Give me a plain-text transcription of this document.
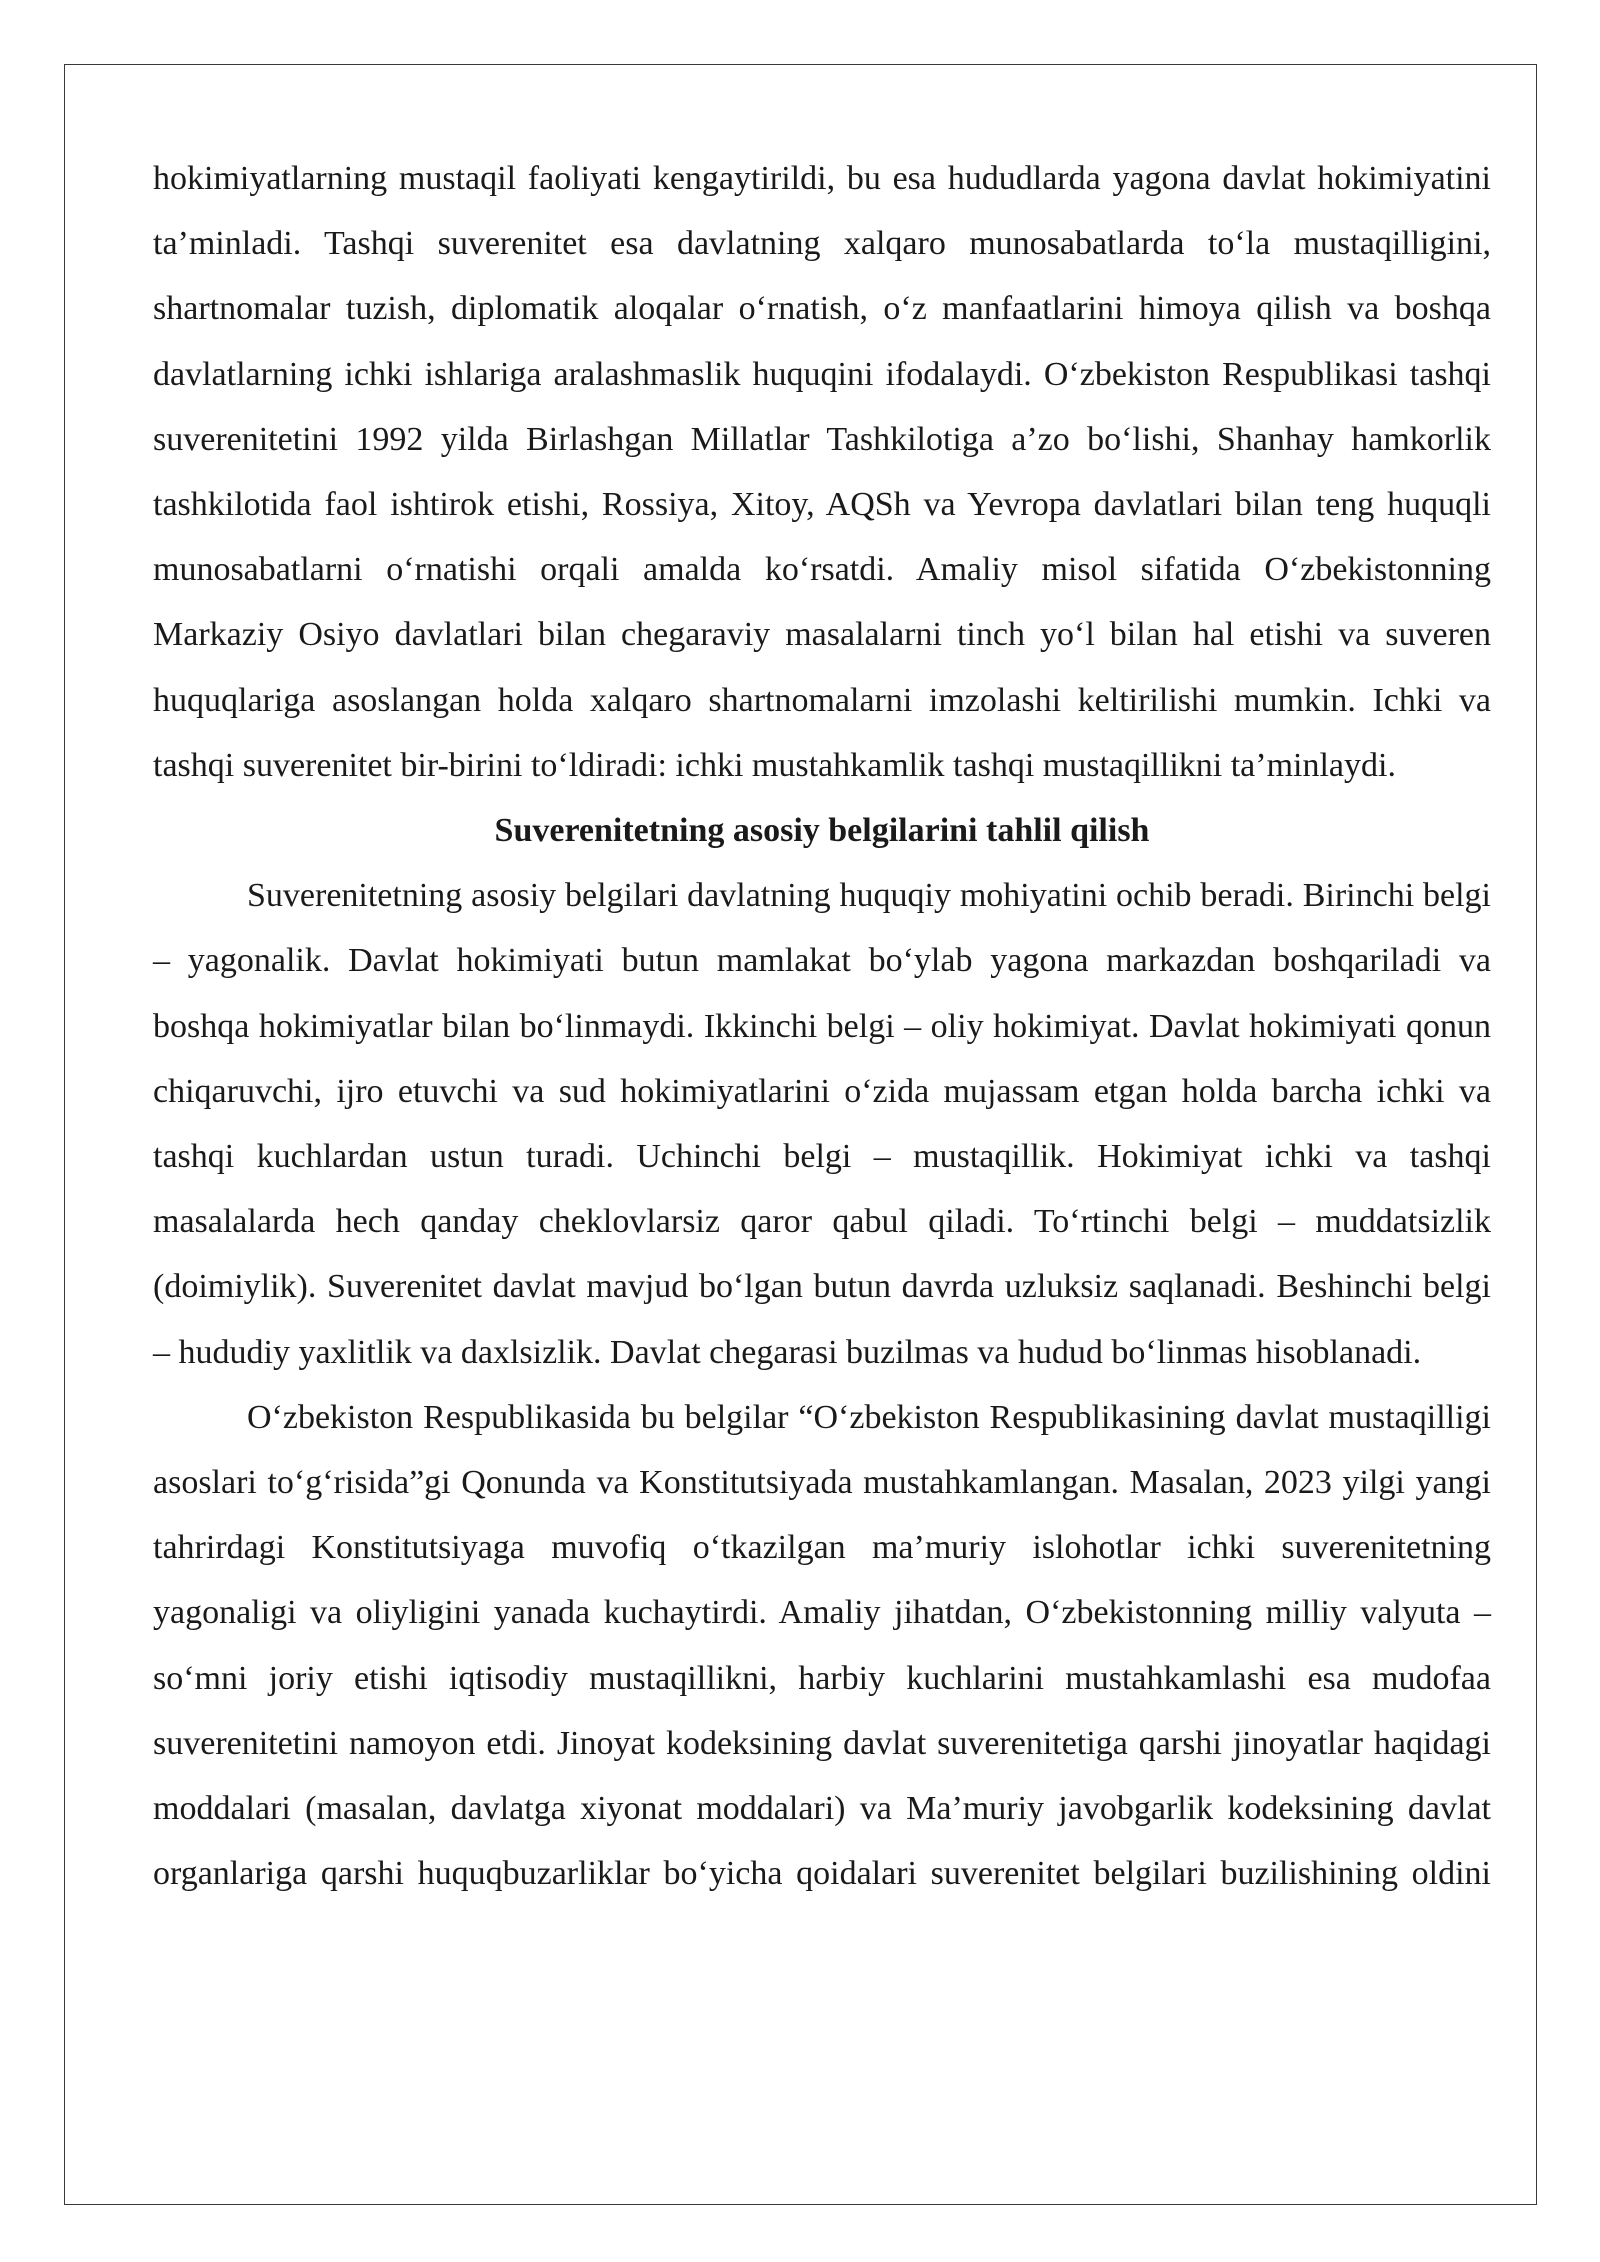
hokimiyatlarning mustaqil faoliyati kengaytirildi, bu esa hududlarda yagona davlat hokimiyatini ta’minladi. Tashqi suverenitet esa davlatning xalqaro munosabatlarda to‘la mustaqilligini, shartnomalar tuzish, diplomatik aloqalar o‘rnatish, o‘z manfaatlarini himoya qilish va boshqa davlatlarning ichki ishlariga aralashmaslik huquqini ifodalaydi. O‘zbekiston Respublikasi tashqi suverenitetini 1992 yilda Birlashgan Millatlar Tashkilotiga a’zo bo‘lishi, Shanhay hamkorlik tashkilotida faol ishtirok etishi, Rossiya, Xitoy, AQSh va Yevropa davlatlari bilan teng huquqli munosabatlarni o‘rnatishi orqali amalda ko‘rsatdi. Amaliy misol sifatida O‘zbekistonning Markaziy Osiyo davlatlari bilan chegaraviy masalalarni tinch yo‘l bilan hal etishi va suveren huquqlariga asoslangan holda xalqaro shartnomalarni imzolashi keltirilishi mumkin. Ichki va tashqi suverenitet bir-birini to‘ldiradi: ichki mustahkamlik tashqi mustaqillikni ta’minlaydi.

Suverenitetning asosiy belgilarini tahlil qilish

Suverenitetning asosiy belgilari davlatning huquqiy mohiyatini ochib beradi. Birinchi belgi – yagonalik. Davlat hokimiyati butun mamlakat bo‘ylab yagona markazdan boshqariladi va boshqa hokimiyatlar bilan bo‘linmaydi. Ikkinchi belgi – oliy hokimiyat. Davlat hokimiyati qonun chiqaruvchi, ijro etuvchi va sud hokimiyatlarini o‘zida mujassam etgan holda barcha ichki va tashqi kuchlardan ustun turadi. Uchinchi belgi – mustaqillik. Hokimiyat ichki va tashqi masalalarda hech qanday cheklovlarsiz qaror qabul qiladi. To‘rtinchi belgi – muddatsizlik (doimiylik). Suverenitet davlat mavjud bo‘lgan butun davrda uzluksiz saqlanadi. Beshinchi belgi – hududiy yaxlitlik va daxlsizlik. Davlat chegarasi buzilmas va hudud bo‘linmas hisoblanadi.

O‘zbekiston Respublikasida bu belgilar “O‘zbekiston Respublikasining davlat mustaqilligi asoslari to‘g‘risida”gi Qonunda va Konstitutsiyada mustahkamlangan. Masalan, 2023 yilgi yangi tahrirdagi Konstitutsiyaga muvofiq o‘tkazilgan ma’muriy islohotlar ichki suverenitetning yagonaligi va oliyligini yanada kuchaytirdi. Amaliy jihatdan, O‘zbekistonning milliy valyuta – so‘mni joriy etishi iqtisodiy mustaqillikni, harbiy kuchlarini mustahkamlashi esa mudofaa suverenitetini namoyon etdi. Jinoyat kodeksining davlat suverenitetiga qarshi jinoyatlar haqidagi moddalari (masalan, davlatga xiyonat moddalari) va Ma’muriy javobgarlik kodeksining davlat organlariga qarshi huquqbuzarliklar bo‘yicha qoidalari suverenitet belgilari buzilishining oldini
